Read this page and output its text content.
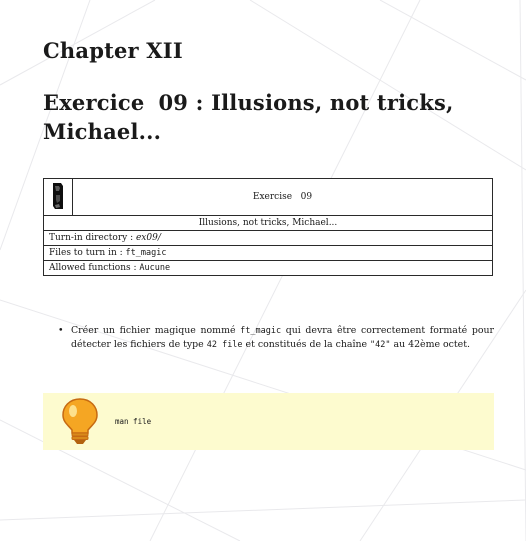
Chapter XII
Exercice 09 : Illusions, not tricks, Michael...
	Exercise 09
Illusions, not tricks, Michael...
Turn-in directory : ex09/
Files to turn in : ft_magic
Allowed functions : Aucune
• Créer un fichier magique nommé ft_magic qui devra être correctement formaté pour détecter les fichiers de type 42 file et constitués de la chaîne "42" au 42ème octet.
man file
